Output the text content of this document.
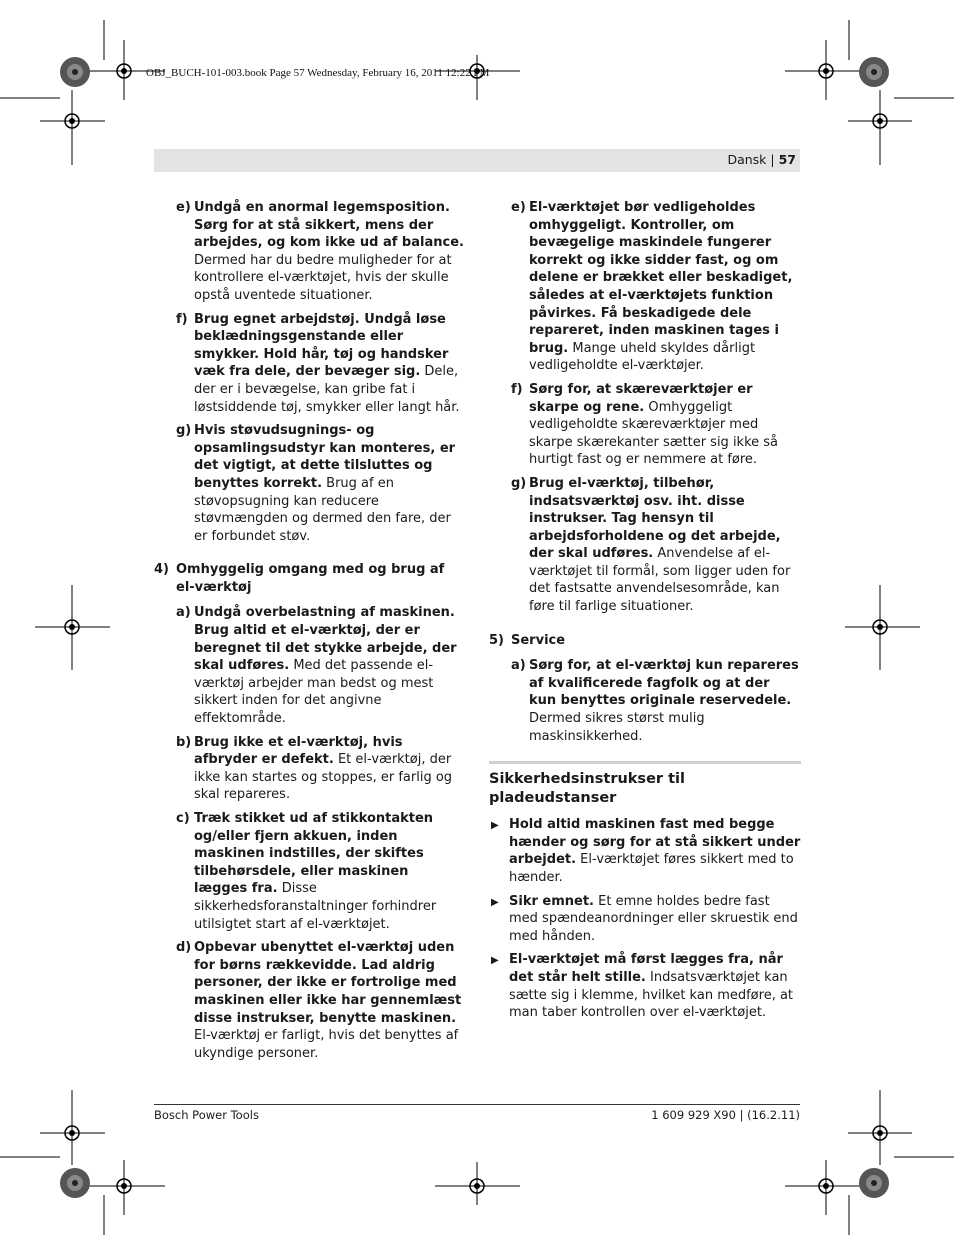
OBJ_BUCH-101-003.book Page 57 Wednesday, February 16, 2011 12:22 PM
Dansk | 57
e) Undgå en anormal legemsposition. Sørg for at stå sikkert, mens der arbejdes, og kom ikke ud af balance. Dermed har du bedre muligheder for at kontrollere el-værktøjet, hvis der skulle opstå uventede situationer.
f) Brug egnet arbejdstøj. Undgå løse beklædningsgenstande eller smykker. Hold hår, tøj og handsker væk fra dele, der bevæger sig. Dele, der er i bevægelse, kan gribe fat i løstsiddende tøj, smykker eller langt hår.
g) Hvis støvudsugnings- og opsamlingsudstyr kan monteres, er det vigtigt, at dette tilsluttes og benyttes korrekt. Brug af en støvopsugning kan reducere støvmængden og dermed den fare, der er forbundet støv.
4) Omhyggelig omgang med og brug af el-værktøj
a) Undgå overbelastning af maskinen. Brug altid et el-værktøj, der er beregnet til det stykke arbejde, der skal udføres. Med det passende el-værktøj arbejder man bedst og mest sikkert inden for det angivne effektområde.
b) Brug ikke et el-værktøj, hvis afbryder er defekt. Et el-værktøj, der ikke kan startes og stoppes, er farlig og skal repareres.
c) Træk stikket ud af stikkontakten og/eller fjern akkuen, inden maskinen indstilles, der skiftes tilbehørsdele, eller maskinen lægges fra. Disse sikkerhedsforanstaltninger forhindrer utilsigtet start af el-værktøjet.
d) Opbevar ubenyttet el-værktøj uden for børns rækkevidde. Lad aldrig personer, der ikke er fortrolige med maskinen eller ikke har gennemlæst disse instrukser, benytte maskinen. El-værktøj er farligt, hvis det benyttes af ukyndige personer.
e) El-værktøjet bør vedligeholdes omhyggeligt. Kontroller, om bevægelige maskindele fungerer korrekt og ikke sidder fast, og om delene er brækket eller beskadiget, således at el-værktøjets funktion påvirkes. Få beskadigede dele repareret, inden maskinen tages i brug. Mange uheld skyldes dårligt vedligeholdte el-værktøjer.
f) Sørg for, at skæreværktøjer er skarpe og rene. Omhyggeligt vedligeholdte skæreværktøjer med skarpe skærekanter sætter sig ikke så hurtigt fast og er nemmere at føre.
g) Brug el-værktøj, tilbehør, indsatsværktøj osv. iht. disse instrukser. Tag hensyn til arbejdsforholdene og det arbejde, der skal udføres. Anvendelse af el-værktøjet til formål, som ligger uden for det fastsatte anvendelsesområde, kan føre til farlige situationer.
5) Service
a) Sørg for, at el-værktøj kun repareres af kvalificerede fagfolk og at der kun benyttes originale reservedele. Dermed sikres størst mulig maskinsikkerhed.
Sikkerhedsinstrukser til pladeudstanser
▶ Hold altid maskinen fast med begge hænder og sørg for at stå sikkert under arbejdet. El-værktøjet føres sikkert med to hænder.
▶ Sikr emnet. Et emne holdes bedre fast med spændeanordninger eller skruestik end med hånden.
▶ El-værktøjet må først lægges fra, når det står helt stille. Indsatsværktøjet kan sætte sig i klemme, hvilket kan medføre, at man taber kontrollen over el-værktøjet.
Bosch Power Tools	1 609 929 X90 | (16.2.11)
